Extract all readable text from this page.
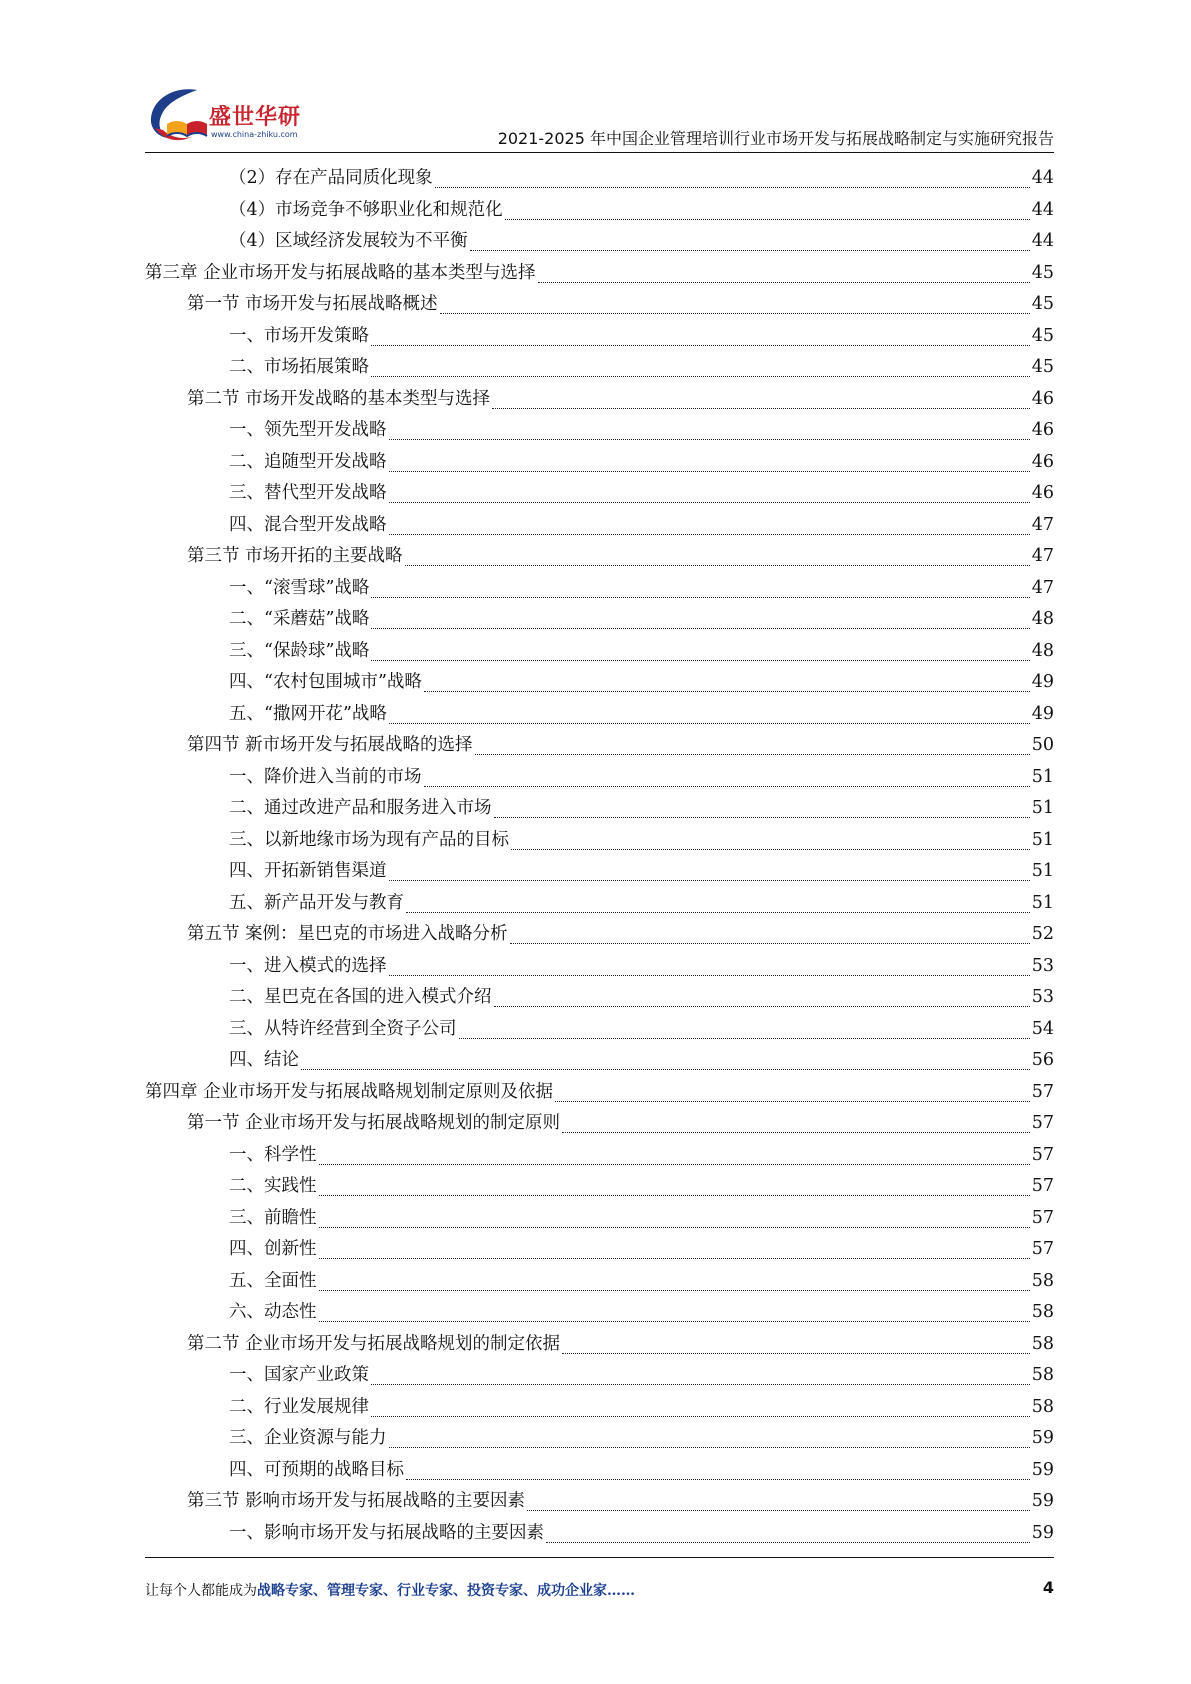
盛世华研
www.china-zhiku.com	2021-2025 年中国企业管理培训行业市场开发与拓展战略制定与实施研究报告
（2）存在产品同质化现象	44
（4）市场竞争不够职业化和规范化	44
（4）区域经济发展较为不平衡	44
第三章 企业市场开发与拓展战略的基本类型与选择	45
第一节 市场开发与拓展战略概述	45
一、市场开发策略	45
二、市场拓展策略	45
第二节 市场开发战略的基本类型与选择	46
一、领先型开发战略	46
二、追随型开发战略	46
三、替代型开发战略	46
四、混合型开发战略	47
第三节 市场开拓的主要战略	47
一、“滚雪球”战略	47
二、“采蘑菇”战略	48
三、“保龄球”战略	48
四、“农村包围城市”战略	49
五、“撒网开花”战略	49
第四节 新市场开发与拓展战略的选择	50
一、降价进入当前的市场	51
二、通过改进产品和服务进入市场	51
三、以新地缘市场为现有产品的目标	51
四、开拓新销售渠道	51
五、新产品开发与教育	51
第五节 案例：星巴克的市场进入战略分析	52
一、进入模式的选择	53
二、星巴克在各国的进入模式介绍	53
三、从特许经营到全资子公司	54
四、结论	56
第四章 企业市场开发与拓展战略规划制定原则及依据	57
第一节 企业市场开发与拓展战略规划的制定原则	57
一、科学性	57
二、实践性	57
三、前瞻性	57
四、创新性	57
五、全面性	58
六、动态性	58
第二节 企业市场开发与拓展战略规划的制定依据	58
一、国家产业政策	58
二、行业发展规律	58
三、企业资源与能力	59
四、可预期的战略目标	59
第三节 影响市场开发与拓展战略的主要因素	59
一、影响市场开发与拓展战略的主要因素	59
让每个人都能成为战略专家、管理专家、行业专家、投资专家、成功企业家……	4
